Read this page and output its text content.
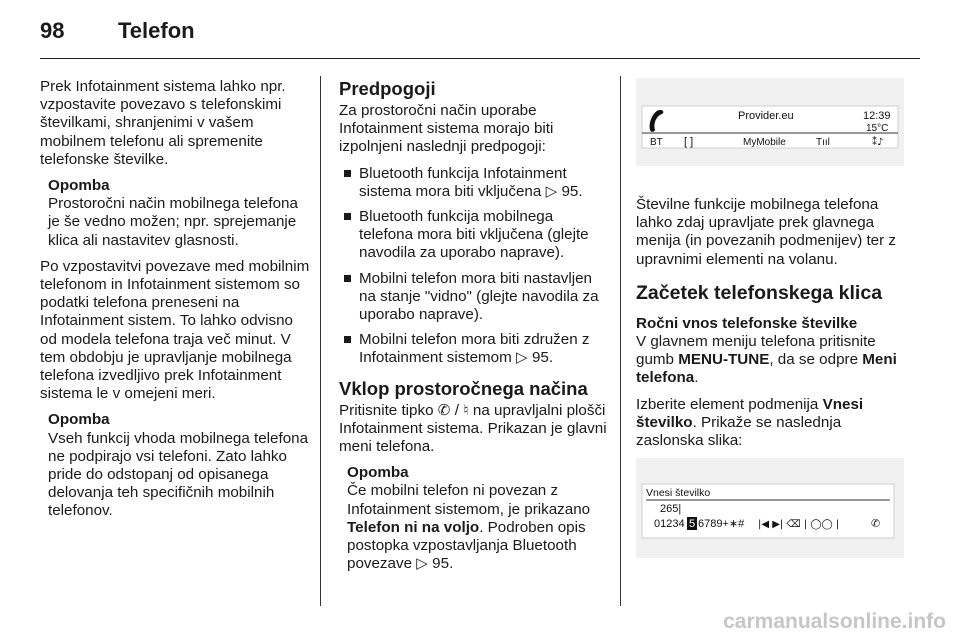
98 Telefon

Prek Infotainment sistema lahko npr. vzpostavite povezavo s telefonskimi številkami, shranjenimi v vašem mobilnem telefonu ali spremenite telefonske številke.

Opomba
Prostoročni način mobilnega telefona je še vedno možen; npr. sprejemanje klica ali nastavitev glasnosti.

Po vzpostavitvi povezave med mobilnim telefonom in Infotainment sistemom so podatki telefona preneseni na Infotainment sistem. To lahko odvisno od modela telefona traja več minut. V tem obdobju je upravljanje mobilnega telefona izvedljivo prek Infotainment sistema le v omejeni meri.

Opomba
Vseh funkcij vhoda mobilnega telefona ne podpirajo vsi telefoni. Zato lahko pride do odstopanj od opisanega delovanja teh specifičnih mobilnih telefonov.
Predpogoji

Za prostoročni način uporabe Infotainment sistema morajo biti izpolnjeni naslednji predpogoji:

Bluetooth funkcija Infotainment sistema mora biti vključena ▷ 95.
Bluetooth funkcija mobilnega telefona mora biti vključena (glejte navodila za uporabo naprave).
Mobilni telefon mora biti nastavljen na stanje "vidno" (glejte navodila za uporabo naprave).
Mobilni telefon mora biti združen z Infotainment sistemom ▷ 95.
Vklop prostoročnega načina

Pritisnite tipko ✆ / ♮ na upravljalni plošči Infotainment sistema. Prikazan je glavni meni telefona.

Opomba
Če mobilni telefon ni povezan z Infotainment sistemom, je prikazano Telefon ni na voljo. Podroben opis postopka vzpostavljanja Bluetooth povezave ▷ 95.
Provider.eu	12:39
15°C
BT [ ]	MyMobile	Tııl	⁑♪

Številne funkcije mobilnega telefona lahko zdaj upravljate prek glavnega menija (in povezanih podmenijev) ter z upravnimi elementi na volanu.

Začetek telefonskega klica

Ročni vnos telefonske številke
V glavnem meniju telefona pritisnite gumb MENU-TUNE, da se odpre Meni telefona.

Izberite element podmenija Vnesi številko. Prikaže se naslednja zaslonska slika:

Vnesi številko
265|
01234 5 6789+∗# |◀ ▶| ⌫ | ◯◯ |	✆
carmanualsonline.info
